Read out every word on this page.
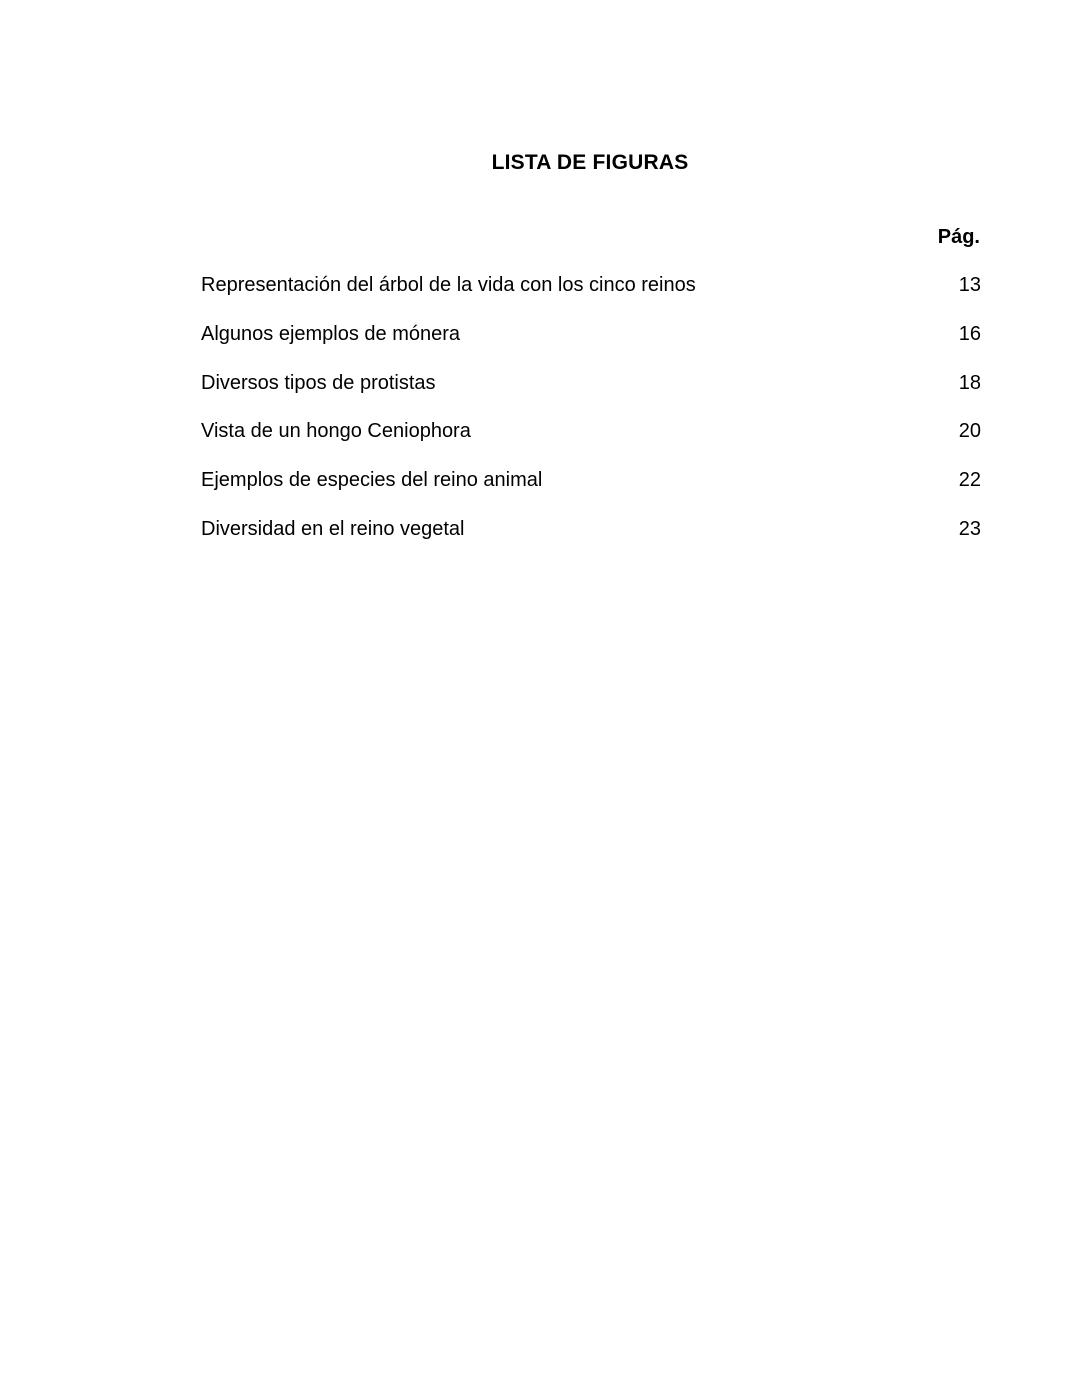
LISTA DE FIGURAS
Pág.
Representación del árbol de la vida con los cinco reinos	13
Algunos ejemplos de mónera	16
Diversos tipos de protistas	18
Vista de un hongo Ceniophora	20
Ejemplos de especies del reino animal	22
Diversidad en el reino vegetal	23
